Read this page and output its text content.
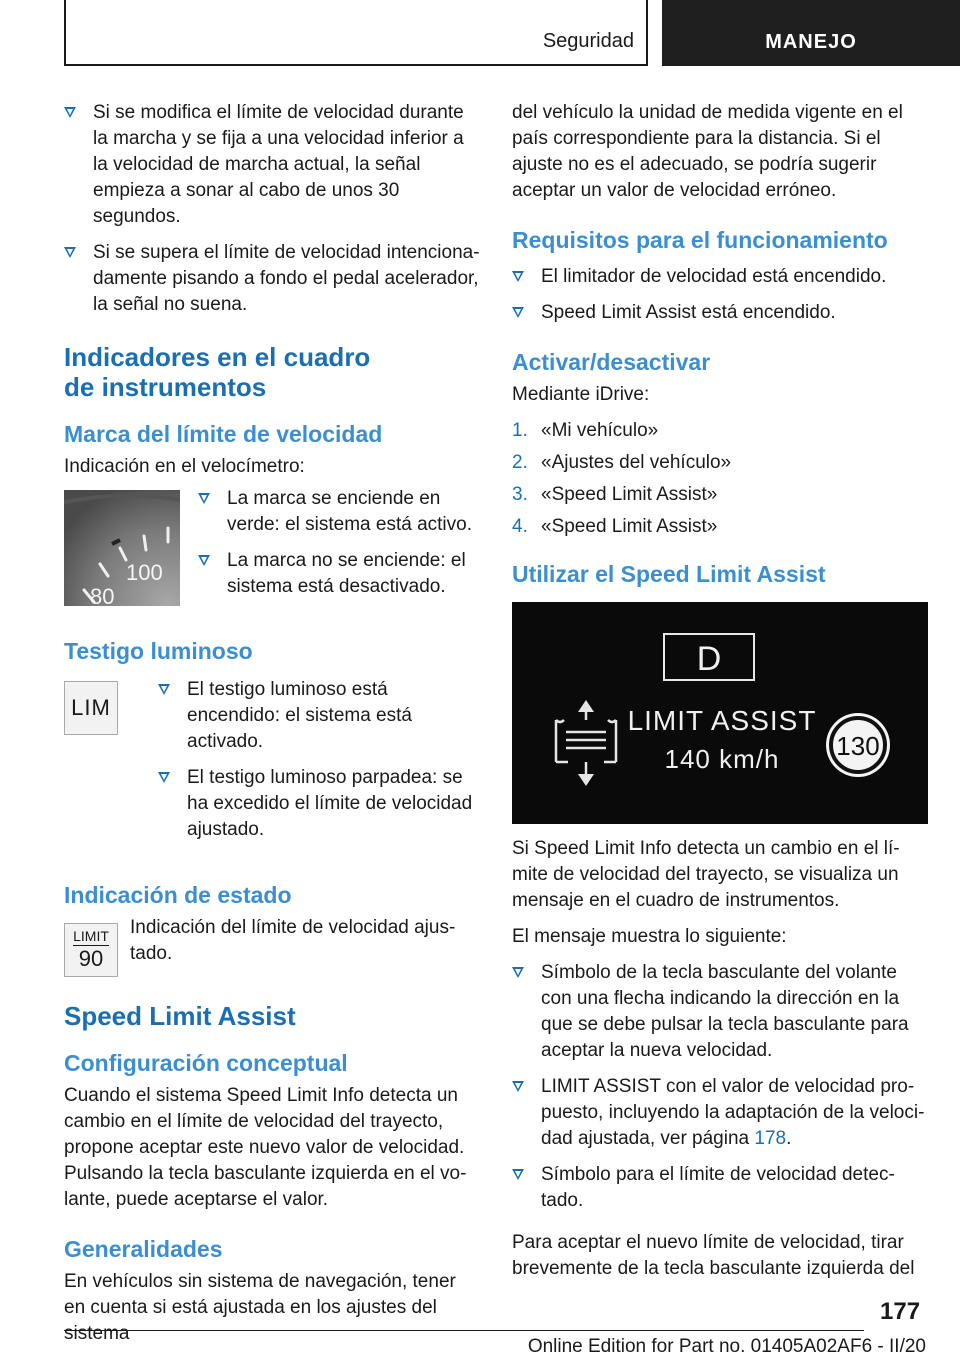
Seguridad	MANEJO
Si se modifica el límite de velocidad durante la marcha y se fija a una velocidad inferior a la velocidad de marcha actual, la señal empieza a sonar al cabo de unos 30 segundos.
Si se supera el límite de velocidad intencionadamente pisando a fondo el pedal acelerador, la señal no suena.
Indicadores en el cuadro de instrumentos
Marca del límite de velocidad

Indicación en el velocímetro:

100
80
La marca se enciende en verde: el sistema está activo.
La marca no se enciende: el sistema está desactivado.
Testigo luminoso
LIM
El testigo luminoso está encendido: el sistema está activado.
El testigo luminoso parpadea: se ha excedido el límite de velocidad ajustado.
Indicación de estado
LIMIT
90

Indicación del límite de velocidad ajustado.

Speed Limit Assist
Configuración conceptual

Cuando el sistema Speed Limit Info detecta un cambio en el límite de velocidad del trayecto, propone aceptar este nuevo valor de velocidad. Pulsando la tecla basculante izquierda en el volante, puede aceptarse el valor.

Generalidades

En vehículos sin sistema de navegación, tener en cuenta si está ajustada en los ajustes del sistema

del vehículo la unidad de medida vigente en el país correspondiente para la distancia. Si el ajuste no es el adecuado, se podría sugerir aceptar un valor de velocidad erróneo.

Requisitos para el funcionamiento
El limitador de velocidad está encendido.
Speed Limit Assist está encendido.
Activar/desactivar

Mediante iDrive:

1. «Mi vehículo»
2. «Ajustes del vehículo»
3. «Speed Limit Assist»
4. «Speed Limit Assist»
Utilizar el Speed Limit Assist
D
LIMIT ASSIST
140 km/h 130

Si Speed Limit Info detecta un cambio en el límite de velocidad del trayecto, se visualiza un mensaje en el cuadro de instrumentos.

El mensaje muestra lo siguiente:

Símbolo de la tecla basculante del volante con una flecha indicando la dirección en la que se debe pulsar la tecla basculante para aceptar la nueva velocidad.
LIMIT ASSIST con el valor de velocidad propuesto, incluyendo la adaptación de la velocidad ajustada, ver página 178.
Símbolo para el límite de velocidad detectado.

Para aceptar el nuevo límite de velocidad, tirar brevemente de la tecla basculante izquierda del

177
Online Edition for Part no. 01405A02AF6 - II/20
